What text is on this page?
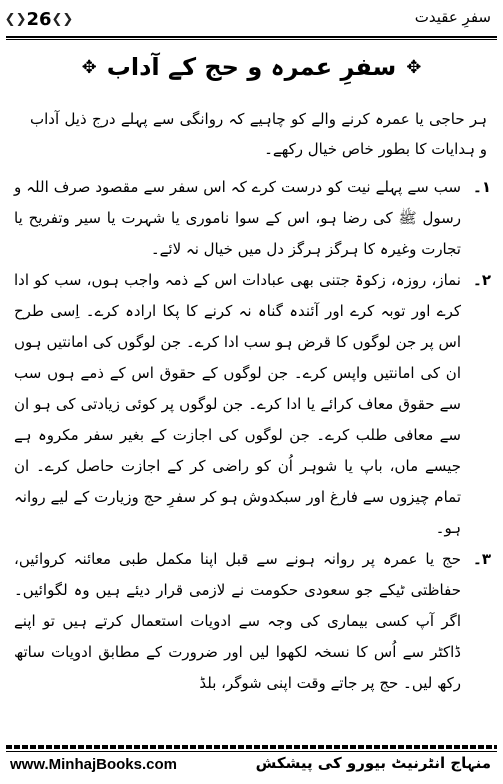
❮❯ 26 ❮❯	سفرِ عقیدت
✥
سفرِ عمرہ و حج کے آداب
✥
ہر حاجی یا عمرہ کرنے والے کو چاہیے کہ روانگی سے پہلے درج ذیل آداب و ہدایات کا بطور خاص خیال رکھے۔
۱۔
سب سے پہلے نیت کو درست کرے کہ اس سفر سے مقصود صرف اللہ و رسول ﷺ کی رضا ہو، اس کے سوا ناموری یا شہرت یا سیر وتفریح یا تجارت وغیرہ کا ہرگز ہرگز دل میں خیال نہ لائے۔
۲۔
نماز، روزہ، زکوۃ جتنی بھی عبادات اس کے ذمہ واجب ہوں، سب کو ادا کرے اور توبہ کرے اور آئندہ گناہ نہ کرنے کا پکا ارادہ کرے۔ اِسی طرح اس پر جن لوگوں کا قرض ہو سب ادا کرے۔ جن لوگوں کی امانتیں ہوں ان کی امانتیں واپس کرے۔ جن لوگوں کے حقوق اس کے ذمے ہوں سب سے حقوق معاف کرائے یا ادا کرے۔ جن لوگوں پر کوئی زیادتی کی ہو ان سے معافی طلب کرے۔ جن لوگوں کی اجازت کے بغیر سفر مکروہ ہے جیسے ماں، باپ یا شوہر اُن کو راضی کر کے اجازت حاصل کرے۔ ان تمام چیزوں سے فارغ اور سبکدوش ہو کر سفرِ حج وزیارت کے لیے روانہ ہو۔
۳۔
حج یا عمرہ پر روانہ ہونے سے قبل اپنا مکمل طبی معائنہ کروائیں، حفاظتی ٹیکے جو سعودی حکومت نے لازمی قرار دیئے ہیں وہ لگوائیں۔ اگر آپ کسی بیماری کی وجہ سے ادویات استعمال کرتے ہیں تو اپنے ڈاکٹر سے اُس کا نسخہ لکھوا لیں اور ضرورت کے مطابق ادویات ساتھ رکھ لیں۔ حج پر جاتے وقت اپنی شوگر، بلڈ
www.MinhajBooks.com	منہاج انٹرنیٹ بیورو کی پیشکش
